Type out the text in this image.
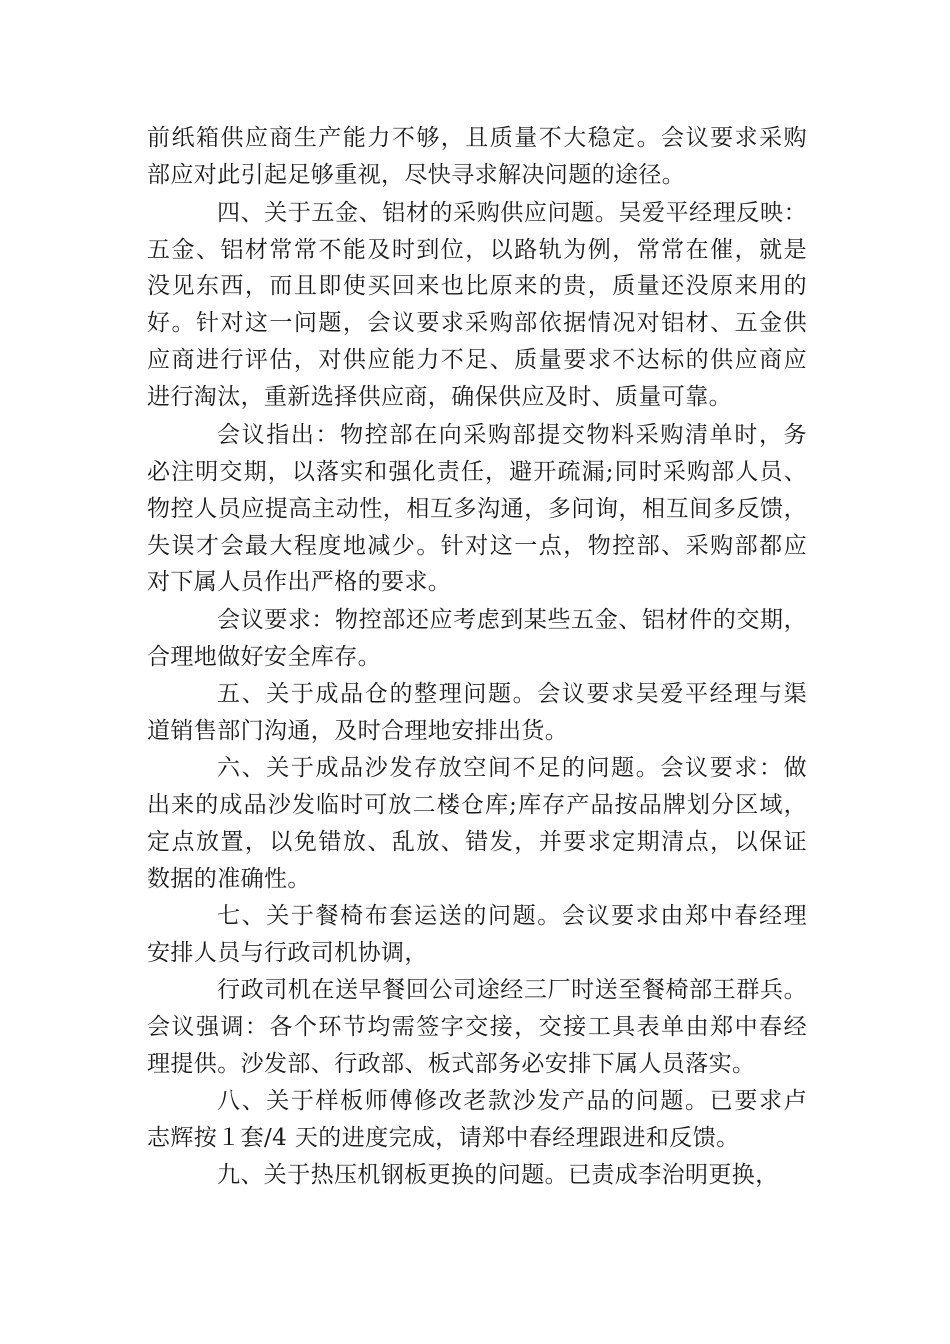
前纸箱供应商生产能力不够，且质量不大稳定。会议要求采购

部应对此引起足够重视，尽快寻求解决问题的途径。

四、关于五金、铝材的采购供应问题。吴爱平经理反映：

五金、铝材常常不能及时到位，以路轨为例，常常在催，就是

没见东西，而且即使买回来也比原来的贵，质量还没原来用的

好。针对这一问题，会议要求采购部依据情况对铝材、五金供

应商进行评估，对供应能力不足、质量要求不达标的供应商应

进行淘汰，重新选择供应商，确保供应及时、质量可靠。

会议指出：物控部在向采购部提交物料采购清单时，务

必注明交期，以落实和强化责任，避开疏漏;同时采购部人员、

物控人员应提高主动性，相互多沟通，多问询，相互间多反馈，

失误才会最大程度地减少。针对这一点，物控部、采购部都应

对下属人员作出严格的要求。

会议要求：物控部还应考虑到某些五金、铝材件的交期，

合理地做好安全库存。

五、关于成品仓的整理问题。会议要求吴爱平经理与渠

道销售部门沟通，及时合理地安排出货。

六、关于成品沙发存放空间不足的问题。会议要求：做

出来的成品沙发临时可放二楼仓库;库存产品按品牌划分区域，

定点放置，以免错放、乱放、错发，并要求定期清点，以保证

数据的准确性。

七、关于餐椅布套运送的问题。会议要求由郑中春经理

安排人员与行政司机协调，

行政司机在送早餐回公司途经三厂时送至餐椅部王群兵。

会议强调：各个环节均需签字交接，交接工具表单由郑中春经

理提供。沙发部、行政部、板式部务必安排下属人员落实。

八、关于样板师傅修改老款沙发产品的问题。已要求卢

志辉按１套/4 天的进度完成，请郑中春经理跟进和反馈。

九、关于热压机钢板更换的问题。已责成李治明更换，
